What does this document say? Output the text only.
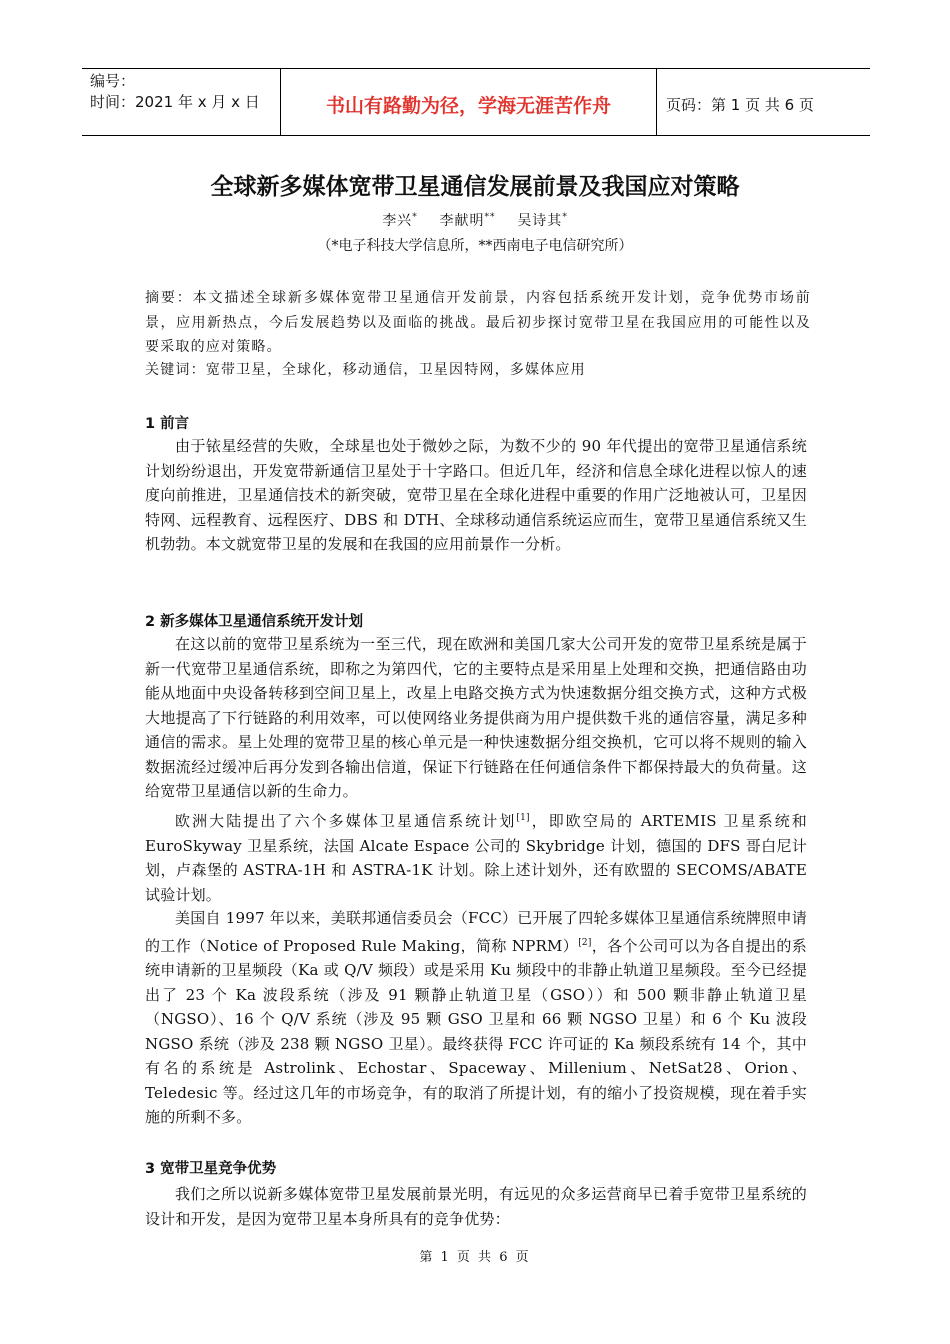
编号：
时间：2021 年 x 月 x 日	书山有路勤为径，学海无涯苦作舟	页码：第 1 页 共 6 页
全球新多媒体宽带卫星通信发展前景及我国应对策略
李兴* 李献明** 吴诗其*
（*电子科技大学信息所，**西南电子电信研究所）
摘要：本文描述全球新多媒体宽带卫星通信开发前景，内容包括系统开发计划，竞争优势市场前景，应用新热点，今后发展趋势以及面临的挑战。最后初步探讨宽带卫星在我国应用的可能性以及要采取的应对策略。
关键词：宽带卫星，全球化，移动通信，卫星因特网，多媒体应用
1 前言
由于铱星经营的失败，全球星也处于微妙之际，为数不少的 90 年代提出的宽带卫星通信系统计划纷纷退出，开发宽带新通信卫星处于十字路口。但近几年，经济和信息全球化进程以惊人的速度向前推进，卫星通信技术的新突破，宽带卫星在全球化进程中重要的作用广泛地被认可，卫星因特网、远程教育、远程医疗、DBS 和 DTH、全球移动通信系统运应而生，宽带卫星通信系统又生机勃勃。本文就宽带卫星的发展和在我国的应用前景作一分析。
2 新多媒体卫星通信系统开发计划
在这以前的宽带卫星系统为一至三代，现在欧洲和美国几家大公司开发的宽带卫星系统是属于新一代宽带卫星通信系统，即称之为第四代，它的主要特点是采用星上处理和交换，把通信路由功能从地面中央设备转移到空间卫星上，改星上电路交换方式为快速数据分组交换方式，这种方式极大地提高了下行链路的利用效率，可以使网络业务提供商为用户提供数千兆的通信容量，满足多种通信的需求。星上处理的宽带卫星的核心单元是一种快速数据分组交换机，它可以将不规则的输入数据流经过缓冲后再分发到各输出信道，保证下行链路在任何通信条件下都保持最大的负荷量。这给宽带卫星通信以新的生命力。
欧洲大陆提出了六个多媒体卫星通信系统计划[1]，即欧空局的 ARTEMIS 卫星系统和 EuroSkyway 卫星系统，法国 Alcate Espace 公司的 Skybridge 计划，德国的 DFS 哥白尼计划，卢森堡的 ASTRA-1H 和 ASTRA-1K 计划。除上述计划外，还有欧盟的 SECOMS/ABATE 试验计划。
美国自 1997 年以来，美联邦通信委员会（FCC）已开展了四轮多媒体卫星通信系统牌照申请的工作（Notice of Proposed Rule Making，简称 NPRM）[2]，各个公司可以为各自提出的系统申请新的卫星频段（Ka 或 Q/V 频段）或是采用 Ku 频段中的非静止轨道卫星频段。至今已经提出了 23 个 Ka 波段系统（涉及 91 颗静止轨道卫星（GSO））和 500 颗非静止轨道卫星（NGSO）、16 个 Q/V 系统（涉及 95 颗 GSO 卫星和 66 颗 NGSO 卫星）和 6 个 Ku 波段 NGSO 系统（涉及 238 颗 NGSO 卫星）。最终获得 FCC 许可证的 Ka 频段系统有 14 个，其中有名的系统是 Astrolink、Echostar、Spaceway、Millenium、NetSat28、Orion、Teledesic 等。经过这几年的市场竞争，有的取消了所提计划，有的缩小了投资规模，现在着手实施的所剩不多。
3 宽带卫星竞争优势
我们之所以说新多媒体宽带卫星发展前景光明，有远见的众多运营商早已着手宽带卫星系统的设计和开发，是因为宽带卫星本身所具有的竞争优势：
第 1 页 共 6 页
